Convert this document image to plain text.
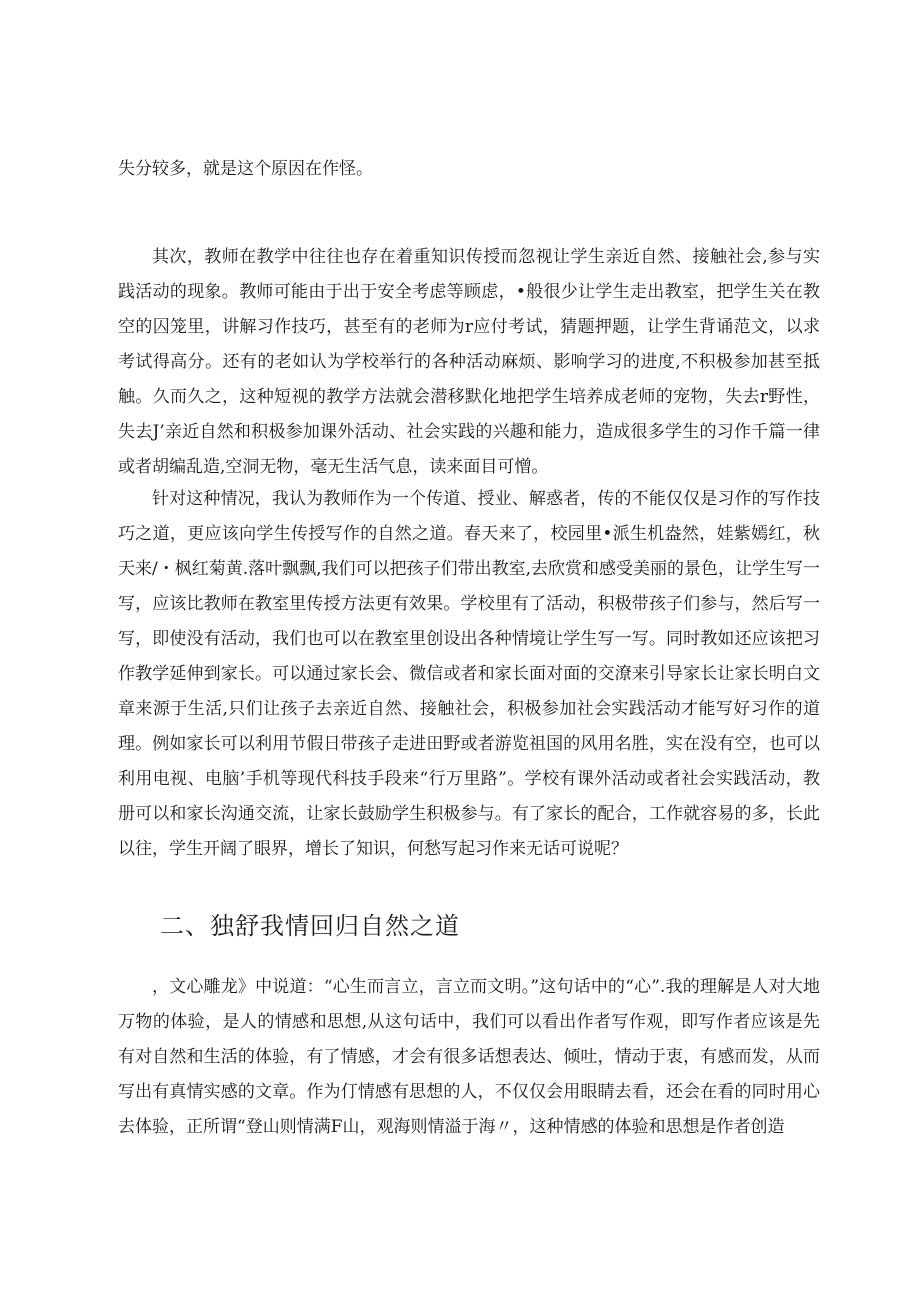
失分较多，就是这个原因在作怪。

其次，教师在教学中往往也存在着重知识传授而忽视让学生亲近自然、接触社会,参与实践活动的现象。教师可能由于出于安全考虑等顾虑，•般很少让学生走出教室，把学生关在教空的囚笼里，讲解习作技巧，甚至有的老师为r应付考试，猜题押题，让学生背诵范文，以求考试得高分。还有的老如认为学校举行的各种活动麻烦、影响学习的进度,不积极参加甚至抵触。久而久之，这种短视的教学方法就会潜移默化地把学生培养成老师的宠物，失去r野性，失去J’亲近自然和积极参加课外活动、社会实践的兴趣和能力，造成很多学生的习作千篇一律或者胡编乱造,空洞无物，毫无生活气息，读来面目可憎。

针对这种情况，我认为教师作为一个传道、授业、解惑者，传的不能仅仅是习作的写作技巧之道，更应该向学生传授写作的自然之道。春天来了，校园里•派生机盎然，娃紫嫣红，秋天来/・枫红菊黄.落叶飘飘,我们可以把孩子们带出教室,去欣赏和感受美丽的景色，让学生写一写，应该比教师在教室里传授方法更有效果。学校里有了活动，积极带孩子们参与，然后写一写，即使没有活动，我们也可以在教室里创设出各种情境让学生写一写。同时教如还应该把习作教学延伸到家长。可以通过家长会、微信或者和家长面对面的交潦来引导家长让家长明白文章来源于生活,只们让孩子去亲近自然、接触社会，积极参加社会实践活动才能写好习作的道理。例如家长可以利用节假日带孩子走进田野或者游览祖国的风用名胜，实在没有空，也可以利用电视、电脑’手机等现代科技手段来“行万里路”。学校有课外活动或者社会实践活动，教册可以和家长沟通交流，让家长鼓励学生积极参与。有了家长的配合，工作就容易的多，长此以往，学生开阔了眼界，增长了知识，何愁写起习作来无话可说呢？

二、独舒我情回归自然之道

，文心雕龙》中说道：“心生而言立，言立而文明。”这句话中的“心”.我的理解是人对大地万物的体验，是人的情感和思想,从这句话中，我们可以看出作者写作观，即写作者应该是先有对自然和生活的体验，有了情感，才会有很多话想表达、倾吐，情动于衷，有感而发，从而写出有真情实感的文章。作为仃情感有思想的人，不仅仅会用眼睛去看，还会在看的同时用心去体验，正所谓“登山则情满F山，观海则情溢于海〃，这种情感的体验和思想是作者创造
